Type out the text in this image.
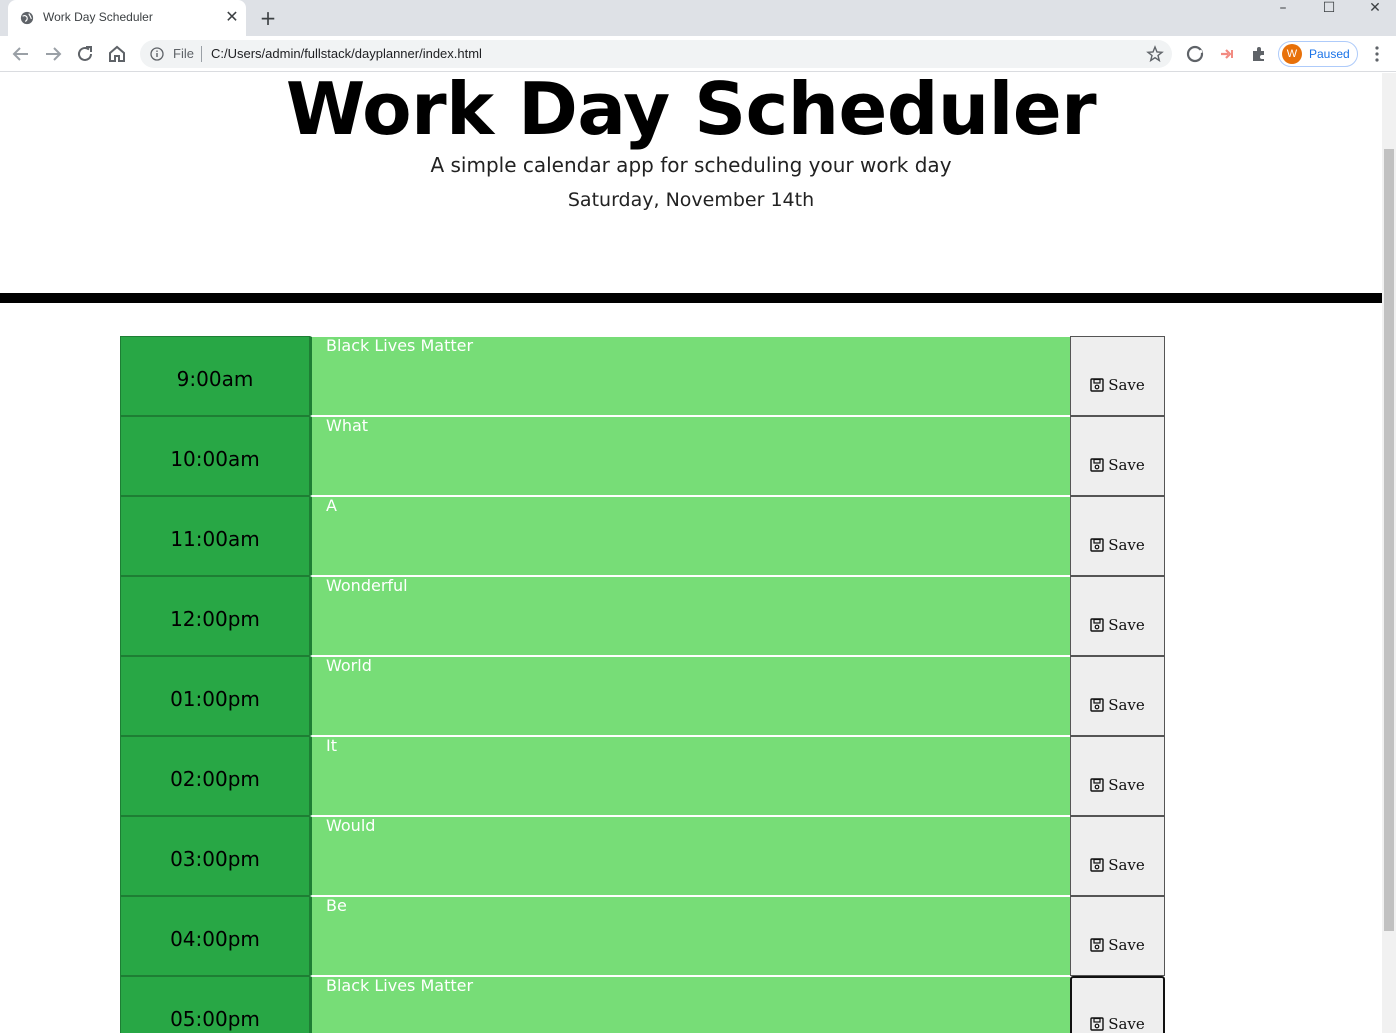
Work Day Scheduler	✕ +	–	☐	✕
File C:/Users/admin/fullstack/dayplanner/index.html	W Paused
Work Day Scheduler

A simple calendar app for scheduling your work day

Saturday, November 14th

9:00am
Black Lives Matter
Save
10:00am
What
Save
11:00am
A
Save
12:00pm
Wonderful
Save
01:00pm
World
Save
02:00pm
It
Save
03:00pm
Would
Save
04:00pm
Be
Save
05:00pm
Black Lives Matter
Save
